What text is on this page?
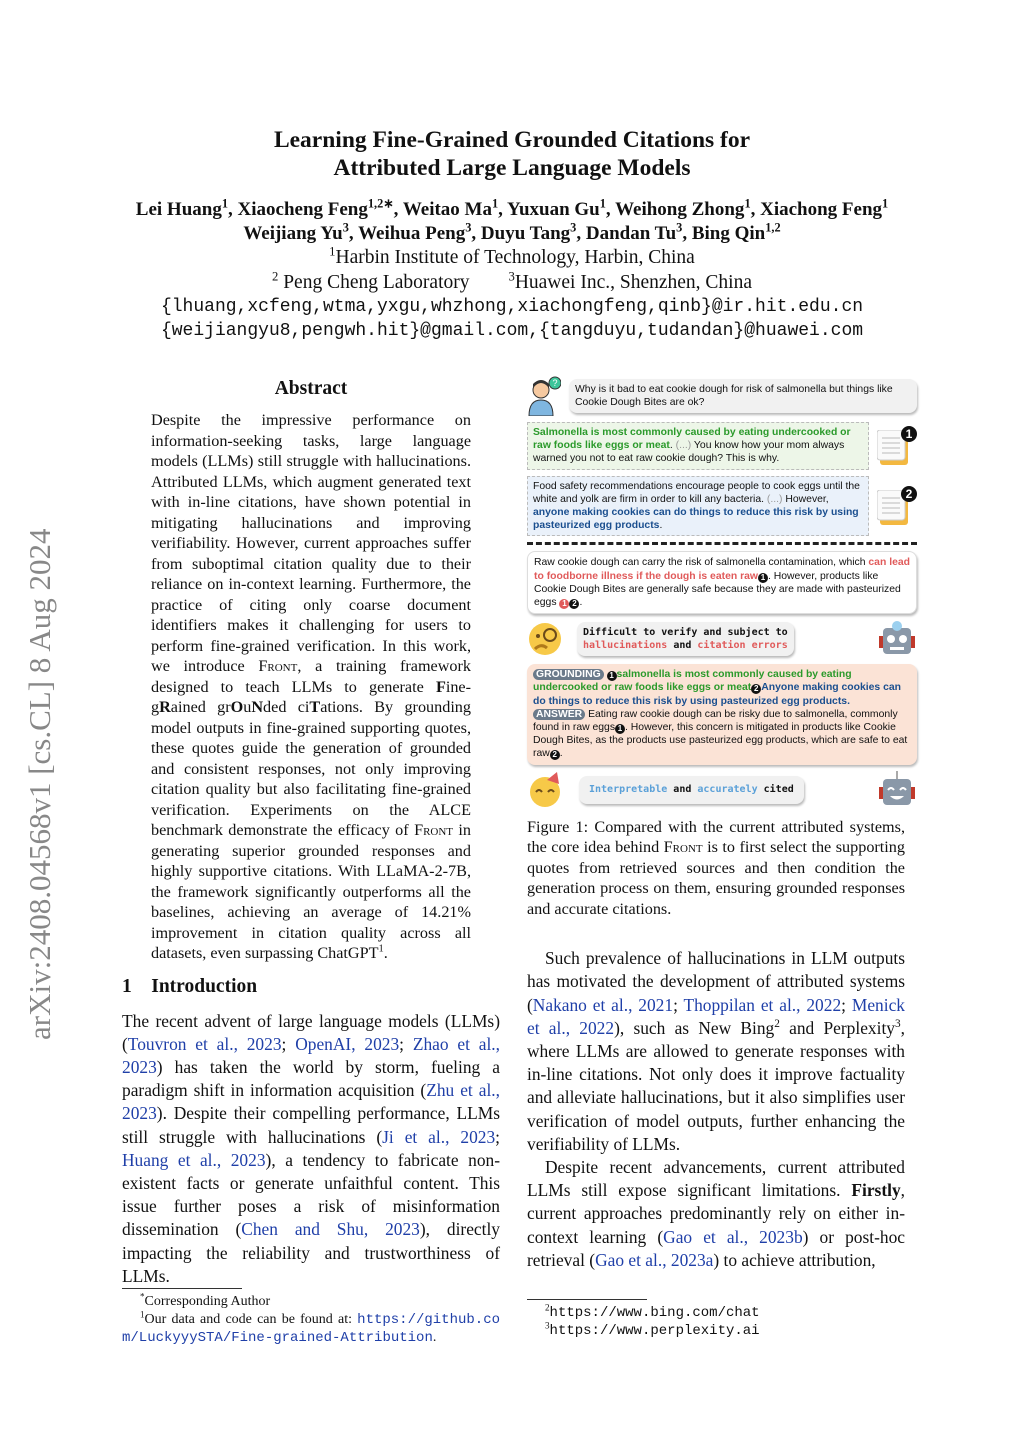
arXiv:2408.04568v1 [cs.CL] 8 Aug 2024
Learning Fine-Grained Grounded Citations for
Attributed Large Language Models
Lei Huang$^1$, Xiaocheng Feng$^{1,2∗}$, Weitao Ma$^1$, Yuxuan Gu$^1$, Weihong Zhong$^1$, Xiachong Feng$^1$
Weijiang Yu$^3$, Weihua Peng$^3$, Duyu Tang$^3$, Dandan Tu$^3$, Bing Qin$^{1,2}$
$^1$Harbin Institute of Technology, Harbin, China
$^2$ Peng Cheng Laboratory        $^3$Huawei Inc., Shenzhen, China
{lhuang,xcfeng,wtma,yxgu,whzhong,xiachongfeng,qinb}@ir.hit.edu.cn
{weijiangyu8,pengwh.hit}@gmail.com,{tangduyu,tudandan}@huawei.com
Abstract
Despite the impressive performance on information-seeking tasks, large language models (LLMs) still struggle with hallucinations. Attributed LLMs, which augment generated text with in-line citations, have shown potential in mitigating hallucinations and improving verifiability. However, current approaches suffer from suboptimal citation quality due to their reliance on in-context learning. Furthermore, the practice of citing only coarse document identifiers makes it challenging for users to perform fine-grained verification. In this work, we introduce Front, a training framework designed to teach LLMs to generate Fine-gRained grOuNded ciTations. By grounding model outputs in fine-grained supporting quotes, these quotes guide the generation of grounded and consistent responses, not only improving citation quality but also facilitating fine-grained verification. Experiments on the ALCE benchmark demonstrate the efficacy of Front in generating superior grounded responses and highly supportive citations. With LLaMA-2-7B, the framework significantly outperforms all the baselines, achieving an average of 14.21% improvement in citation quality across all datasets, even surpassing ChatGPT$^1$.
1    Introduction

The recent advent of large language models (LLMs) (Touvron et al., 2023; OpenAI, 2023; Zhao et al., 2023) has taken the world by storm, fueling a paradigm shift in information acquisition (Zhu et al., 2023). Despite their compelling performance, LLMs still struggle with hallucinations (Ji et al., 2023; Huang et al., 2023), a tendency to fabricate non-existent facts or generate unfaithful content. This issue further poses a risk of misinformation dissemination (Chen and Shu, 2023), directly impacting the reliability and trustworthiness of LLMs.

*Corresponding Author
$^1$Our data and code can be found at: https://github.com/LuckyyySTA/Fine-grained-Attribution.
?
Why is it bad to eat cookie dough for risk of salmonella but things like Cookie Dough Bites are ok?
Salmonella is most commonly caused by eating undercooked or raw foods like eggs or meat. (...) You know how your mom always warned you not to eat raw cookie dough? This is why.
1
Food safety recommendations encourage people to cook eggs until the white and yolk are firm in order to kill any bacteria. (...) However, anyone making cookies can do things to reduce this risk by using pasteurized egg products.
2
Raw cookie dough can carry the risk of salmonella contamination, which can lead to foodborne illness if the dough is eaten raw 1 . However, products like Cookie Dough Bites are generally safe because they are made with pasteurized eggs 1 2 .
Difficult to verify and subject to
hallucinations and citation errors
GROUNDING 1 salmonella is most commonly caused by eating undercooked or raw foods like eggs or meat 2 Anyone making cookies can do things to reduce this risk by using pasteurized egg products.
ANSWER Eating raw cookie dough can be risky due to salmonella, commonly found in raw eggs 1 . However, this concern is mitigated in products like Cookie Dough Bites, as the products use pasteurized egg products, which are safe to eat raw 2 .
Interpretable and accurately cited
Figure 1: Compared with the current attributed systems, the core idea behind Front is to first select the supporting quotes from retrieved sources and then condition the generation process on them, ensuring grounded responses and accurate citations.

Such prevalence of hallucinations in LLM outputs has motivated the development of attributed systems (Nakano et al., 2021; Thoppilan et al., 2022; Menick et al., 2022), such as New Bing$^2$ and Perplexity$^3$, where LLMs are allowed to generate responses with in-line citations. Not only does it improve factuality and alleviate hallucinations, but it also simplifies user verification of model outputs, further enhancing the verifiability of LLMs.

Despite recent advancements, current attributed LLMs still expose significant limitations. Firstly, current approaches predominantly rely on either in-context learning (Gao et al., 2023b) or post-hoc retrieval (Gao et al., 2023a) to achieve attribution,

$^2$https://www.bing.com/chat
$^3$https://www.perplexity.ai
